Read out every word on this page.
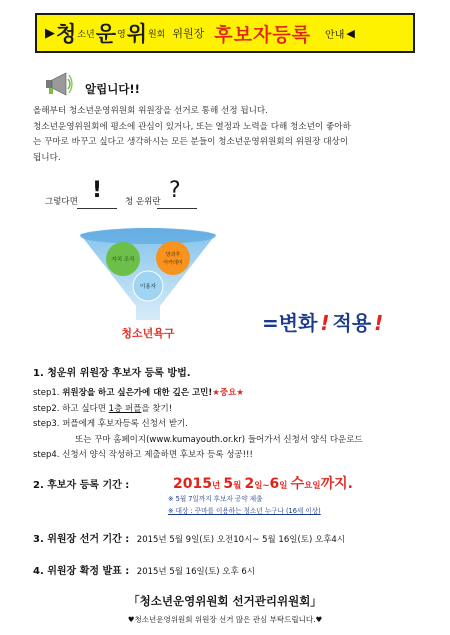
▶ 청 소년 운 영 위 원회 위원장 후보자등록 안내 ◀
알립니다!!
올해부터 청소년운영위원회 위원장을 선거로 통해 선정 됩니다.
청소년운영위원회에 평소에 관심이 있거나, 또는 열정과 노력을 다해 청소년이 좋아하
는 꾸마로 바꾸고 싶다고 생각하시는 모든 분들이 청소년운영위원회의 위원장 대상이
됩니다.
그렇다면 !	청 운위란 ?
자치 조직
방과후
아카데미
이용자
청소년욕구	=변화 ! 적용 !
1. 청운위 위원장 후보자 등록 방법.
step1. 위원장을 하고 싶은가에 대한 깊은 고민!★중요★
step2. 하고 싶다면 1층 퍼플을 찾기!
step3. 퍼플에게 후보자등록 신청서 받기.
또는 꾸마 홈페이지(www.kumayouth.or.kr) 들어가서 신청서 양식 다운로드
step4. 신청서 양식 작성하고 제출하면 후보자 등록 성공!!!
2. 후보자 등록 기간 :	2015년 5월 2일~6일 수요일까지.
※ 5월 7일까지 후보자 공약 제출
※ 대상 : 꾸마를 이용하는 청소년 누구나 (16세 이상)
3. 위원장 선거 기간 : 2015년 5월 9일(토) 오전10시~ 5월 16일(토) 오후4시
4. 위원장 확정 발표 : 2015년 5월 16일(토) 오후 6시
「청소년운영위원회 선거관리위원회」
♥청소년운영위원회 위원장 선거 많은 관심 부탁드립니다.♥
